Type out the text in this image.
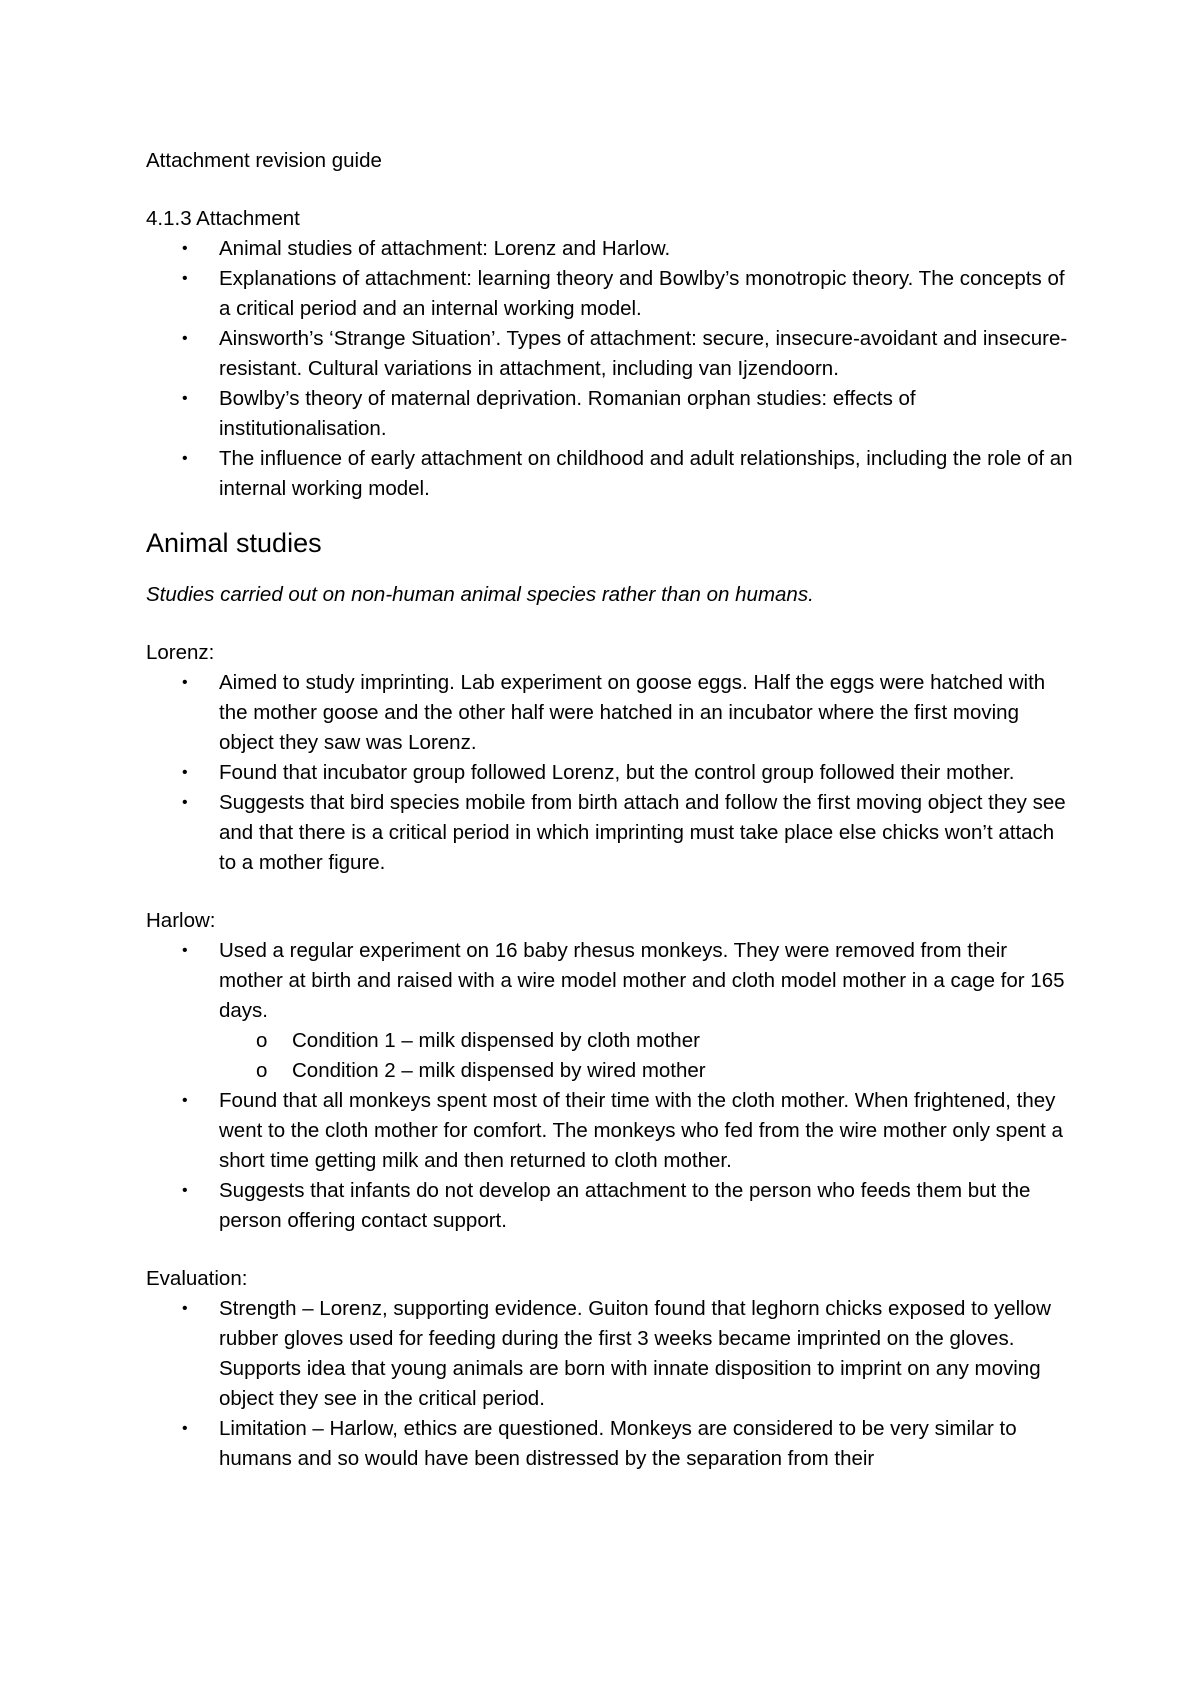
Attachment revision guide

4.1.3 Attachment

• Animal studies of attachment: Lorenz and Harlow.
• Explanations of attachment: learning theory and Bowlby’s monotropic theory. The concepts of a critical period and an internal working model.
• Ainsworth’s ‘Strange Situation’. Types of attachment: secure, insecure-avoidant and insecure-resistant. Cultural variations in attachment, including van Ijzendoorn.
• Bowlby’s theory of maternal deprivation. Romanian orphan studies: effects of institutionalisation.
• The influence of early attachment on childhood and adult relationships, including the role of an internal working model.
Animal studies

Studies carried out on non-human animal species rather than on humans.

Lorenz:

• Aimed to study imprinting. Lab experiment on goose eggs. Half the eggs were hatched with the mother goose and the other half were hatched in an incubator where the first moving object they saw was Lorenz.
• Found that incubator group followed Lorenz, but the control group followed their mother.
• Suggests that bird species mobile from birth attach and follow the first moving object they see and that there is a critical period in which imprinting must take place else chicks won’t attach to a mother figure.

Harlow:

• Used a regular experiment on 16 baby rhesus monkeys. They were removed from their mother at birth and raised with a wire model mother and cloth model mother in a cage for 165 days.
o Condition 1 – milk dispensed by cloth mother
o Condition 2 – milk dispensed by wired mother
• Found that all monkeys spent most of their time with the cloth mother. When frightened, they went to the cloth mother for comfort. The monkeys who fed from the wire mother only spent a short time getting milk and then returned to cloth mother.
• Suggests that infants do not develop an attachment to the person who feeds them but the person offering contact support.

Evaluation:

• Strength – Lorenz, supporting evidence. Guiton found that leghorn chicks exposed to yellow rubber gloves used for feeding during the first 3 weeks became imprinted on the gloves. Supports idea that young animals are born with innate disposition to imprint on any moving object they see in the critical period.
• Limitation – Harlow, ethics are questioned. Monkeys are considered to be very similar to humans and so would have been distressed by the separation from their
